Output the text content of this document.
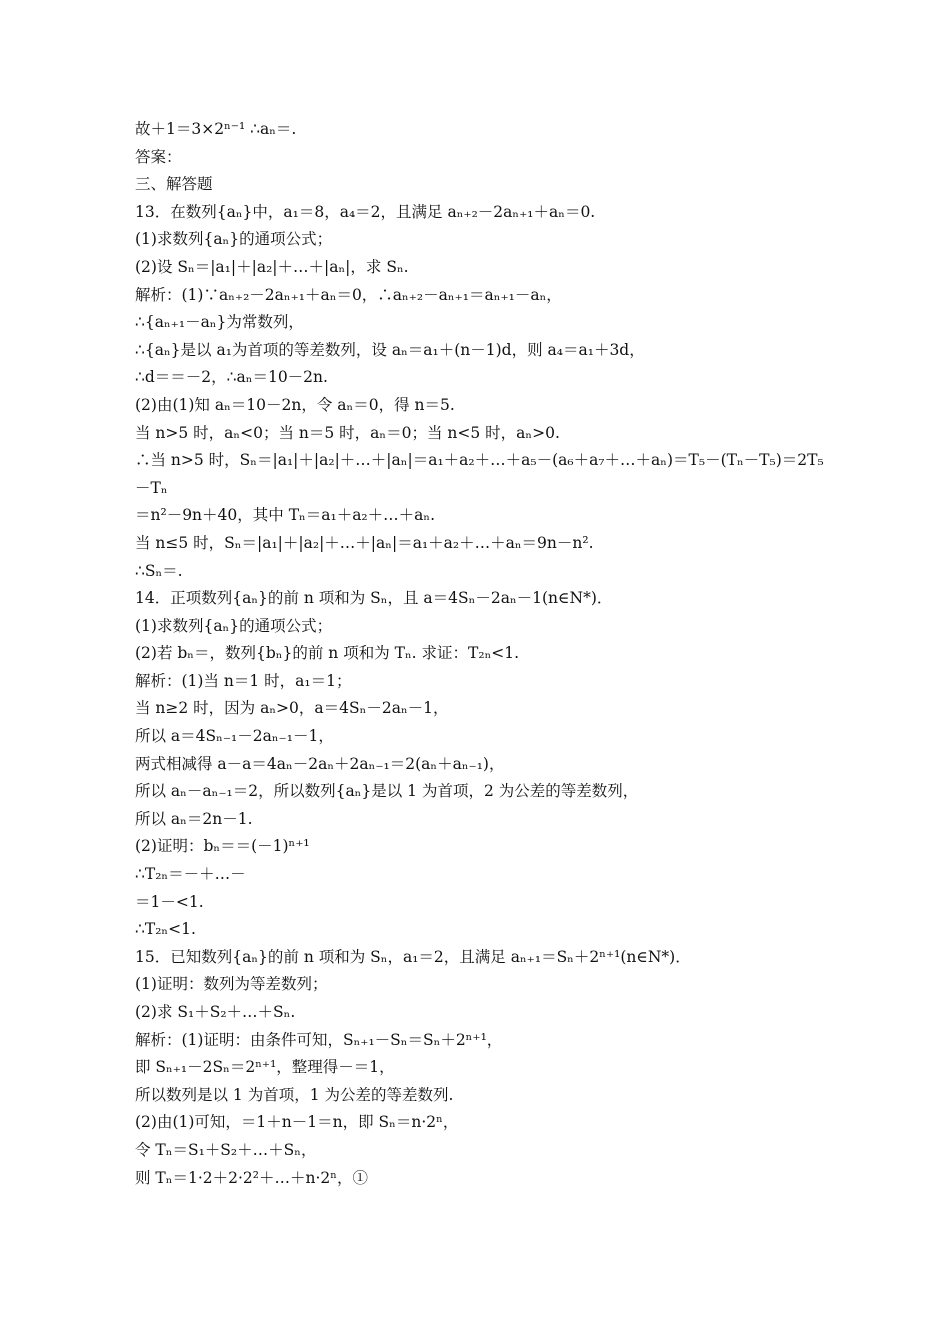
故＋1＝3×2ⁿ⁻¹ ∴aₙ＝.
答案：
三、解答题
13．在数列{aₙ}中，a₁＝8，a₄＝2，且满足 aₙ₊₂－2aₙ₊₁＋aₙ＝0.
(1)求数列{aₙ}的通项公式；
(2)设 Sₙ＝|a₁|＋|a₂|＋…＋|aₙ|，求 Sₙ.
解析：(1)∵aₙ₊₂－2aₙ₊₁＋aₙ＝0，∴aₙ₊₂－aₙ₊₁＝aₙ₊₁－aₙ，
∴{aₙ₊₁－aₙ}为常数列，
∴{aₙ}是以 a₁为首项的等差数列，设 aₙ＝a₁＋(n－1)d，则 a₄＝a₁＋3d，
∴d＝＝－2，∴aₙ＝10－2n.
(2)由(1)知 aₙ＝10－2n，令 aₙ＝0，得 n＝5.
当 n>5 时，aₙ<0；当 n＝5 时，aₙ＝0；当 n<5 时，aₙ>0.
∴当 n>5 时，Sₙ＝|a₁|＋|a₂|＋…＋|aₙ|＝a₁＋a₂＋…＋a₅－(a₆＋a₇＋…＋aₙ)＝T₅－(Tₙ－T₅)＝2T₅
－Tₙ
＝n²－9n＋40，其中 Tₙ＝a₁＋a₂＋…＋aₙ.
当 n≤5 时，Sₙ＝|a₁|＋|a₂|＋…＋|aₙ|＝a₁＋a₂＋…＋aₙ＝9n－n².
∴Sₙ＝.
14．正项数列{aₙ}的前 n 项和为 Sₙ，且 a＝4Sₙ－2aₙ－1(n∈N*)．
(1)求数列{aₙ}的通项公式；
(2)若 bₙ＝，数列{bₙ}的前 n 项和为 Tₙ. 求证：T₂ₙ<1.
解析：(1)当 n＝1 时，a₁＝1；
当 n≥2 时，因为 aₙ>0，a＝4Sₙ－2aₙ－1，
所以 a＝4Sₙ₋₁－2aₙ₋₁－1，
两式相减得 a－a＝4aₙ－2aₙ＋2aₙ₋₁＝2(aₙ＋aₙ₋₁)，
所以 aₙ－aₙ₋₁＝2，所以数列{aₙ}是以 1 为首项，2 为公差的等差数列，
所以 aₙ＝2n－1.
(2)证明：bₙ＝＝(－1)ⁿ⁺¹
∴T₂ₙ＝－＋…－
＝1－<1.
∴T₂ₙ<1.
15．已知数列{aₙ}的前 n 项和为 Sₙ，a₁＝2，且满足 aₙ₊₁＝Sₙ＋2ⁿ⁺¹(n∈N*)．
(1)证明：数列为等差数列；
(2)求 S₁＋S₂＋…＋Sₙ.
解析：(1)证明：由条件可知，Sₙ₊₁－Sₙ＝Sₙ＋2ⁿ⁺¹，
即 Sₙ₊₁－2Sₙ＝2ⁿ⁺¹，整理得－＝1，
所以数列是以 1 为首项，1 为公差的等差数列.
(2)由(1)可知，＝1＋n－1＝n，即 Sₙ＝n·2ⁿ，
令 Tₙ＝S₁＋S₂＋…＋Sₙ，
则 Tₙ＝1·2＋2·2²＋…＋n·2ⁿ，①
